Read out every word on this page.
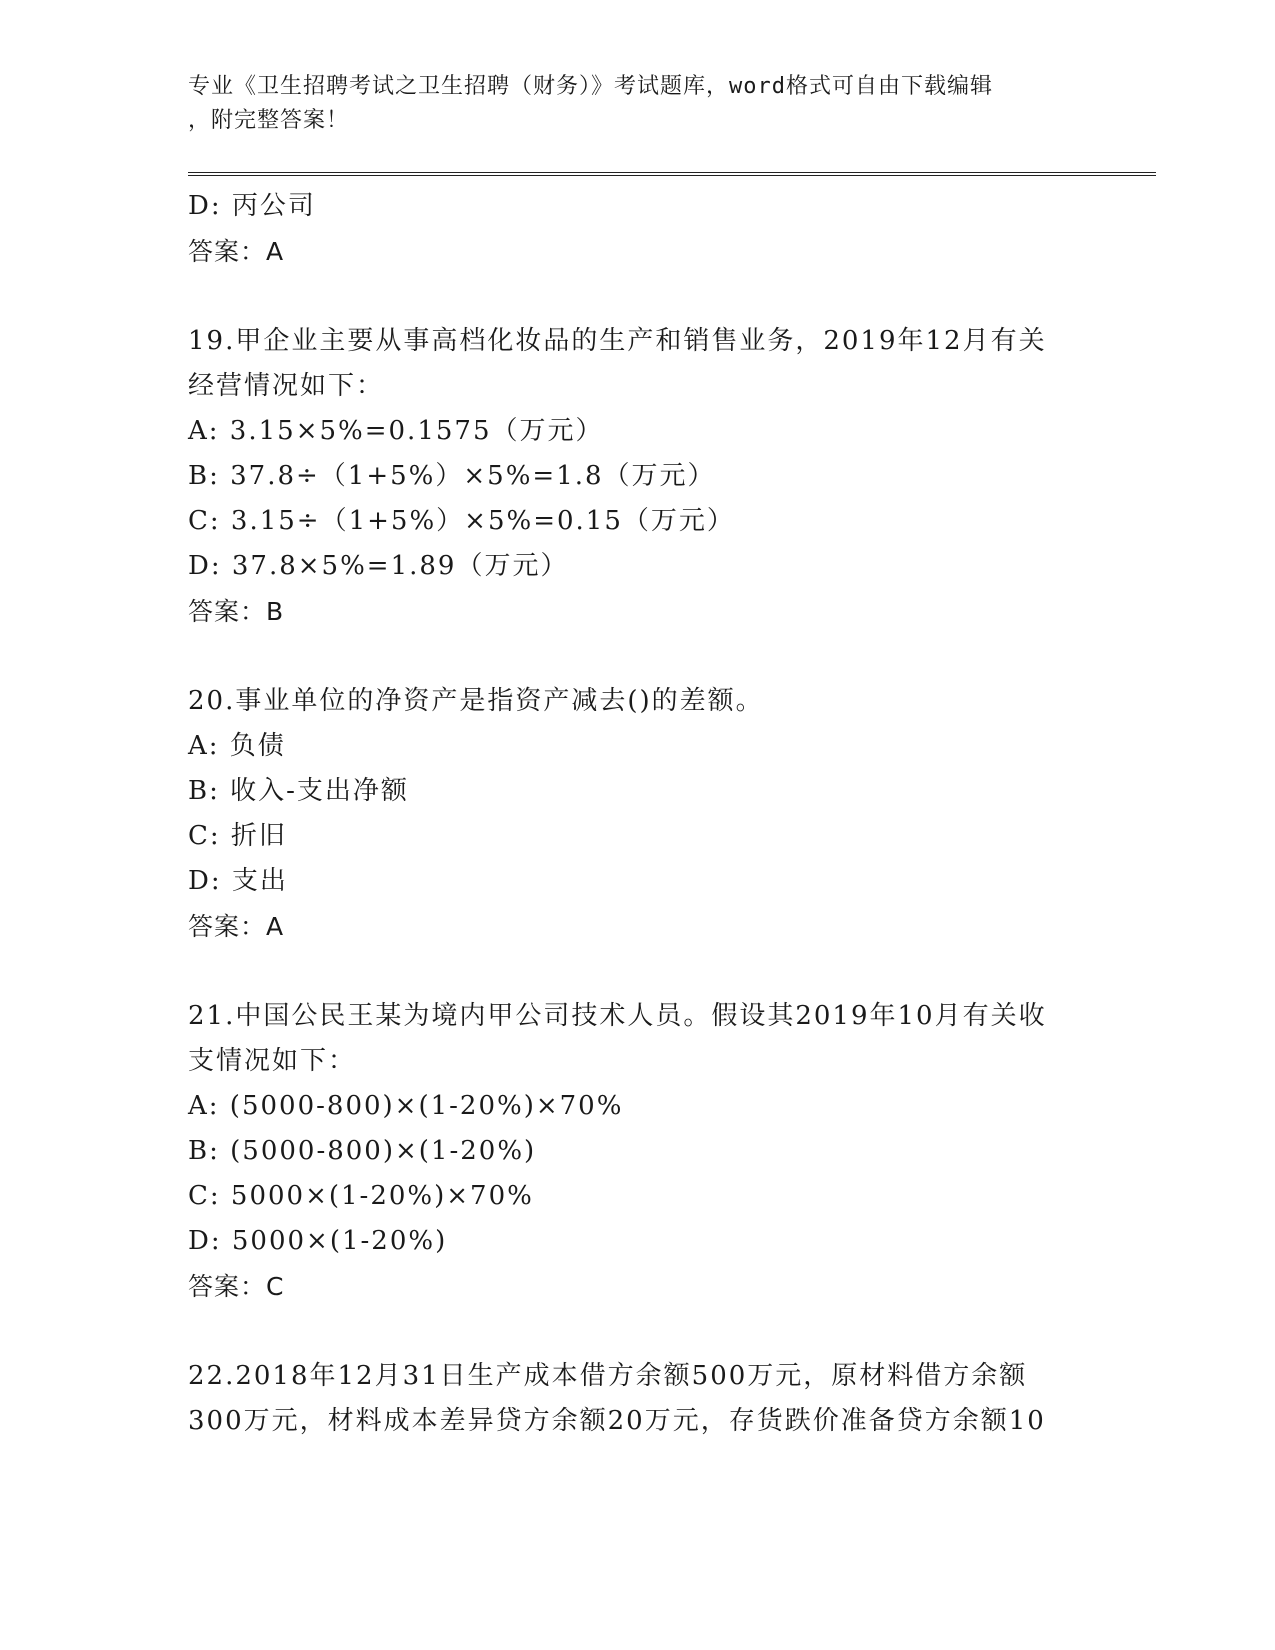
专业《卫生招聘考试之卫生招聘（财务）》考试题库，word格式可自由下载编辑
，附完整答案！
D: 丙公司
答案：A
19.甲企业主要从事高档化妆品的生产和销售业务，2019年12月有关
经营情况如下：
A: 3.15×5%=0.1575（万元）
B: 37.8÷（1+5%）×5%=1.8（万元）
C: 3.15÷（1+5%）×5%=0.15（万元）
D: 37.8×5%=1.89（万元）
答案：B
20.事业单位的净资产是指资产减去()的差额。
A: 负债
B: 收入-支出净额
C: 折旧
D: 支出
答案：A
21.中国公民王某为境内甲公司技术人员。假设其2019年10月有关收
支情况如下：
A: (5000-800)×(1-20%)×70%
B: (5000-800)×(1-20%)
C: 5000×(1-20%)×70%
D: 5000×(1-20%)
答案：C
22.2018年12月31日生产成本借方余额500万元，原材料借方余额
300万元，材料成本差异贷方余额20万元，存货跌价准备贷方余额10
